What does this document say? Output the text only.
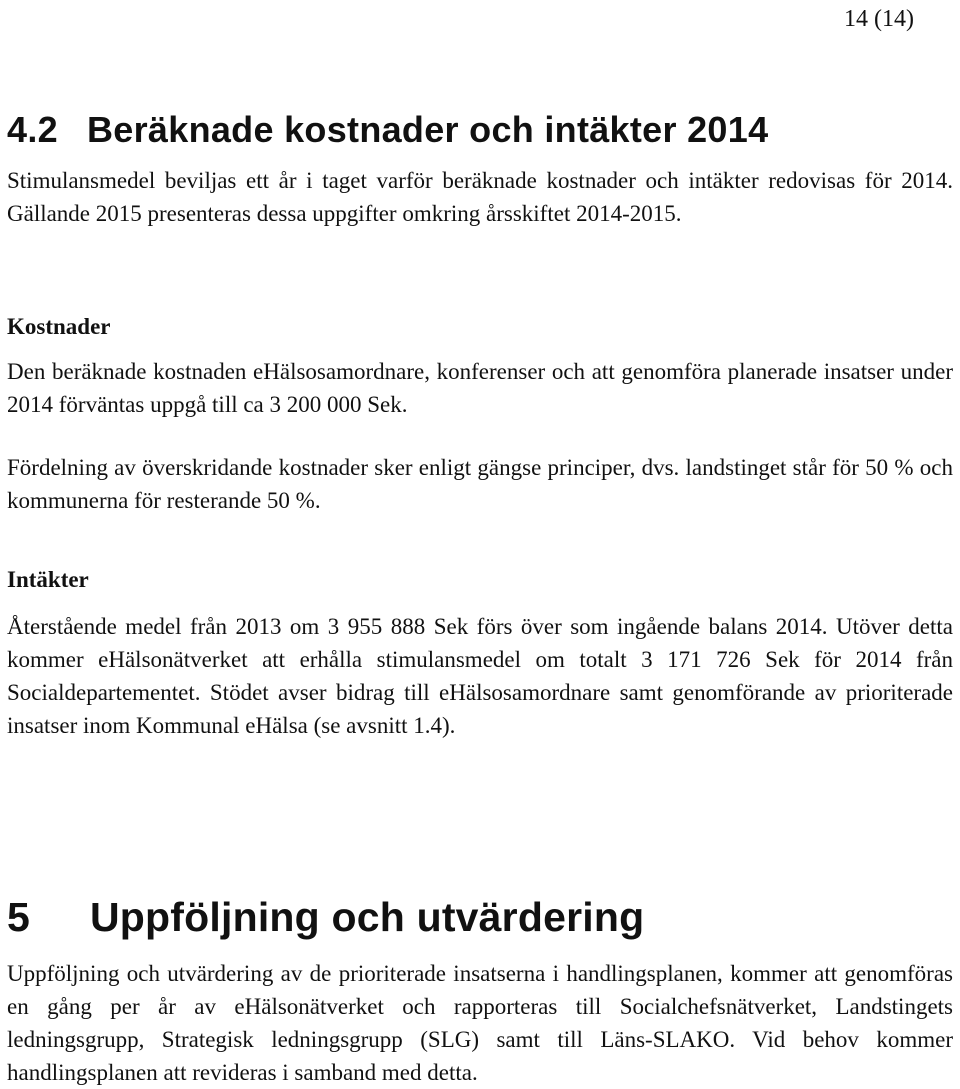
14 (14)

4.2 Beräknade kostnader och intäkter 2014

Stimulansmedel beviljas ett år i taget varför beräknade kostnader och intäkter redovisas för 2014. Gällande 2015 presenteras dessa uppgifter omkring årsskiftet 2014-2015.

Kostnader

Den beräknade kostnaden eHälsosamordnare, konferenser och att genomföra planerade insatser under 2014 förväntas uppgå till ca 3 200 000 Sek.

Fördelning av överskridande kostnader sker enligt gängse principer, dvs. landstinget står för 50 % och kommunerna för resterande 50 %.

Intäkter

Återstående medel från 2013 om 3 955 888 Sek förs över som ingående balans 2014. Utöver detta kommer eHälsonätverket att erhålla stimulansmedel om totalt 3 171 726 Sek för 2014 från Socialdepartementet. Stödet avser bidrag till eHälsosamordnare samt genomförande av prioriterade insatser inom Kommunal eHälsa (se avsnitt 1.4).

5 Uppföljning och utvärdering

Uppföljning och utvärdering av de prioriterade insatserna i handlingsplanen, kommer att genomföras en gång per år av eHälsonätverket och rapporteras till Socialchefsnätverket, Landstingets ledningsgrupp, Strategisk ledningsgrupp (SLG) samt till Läns-SLAKO. Vid behov kommer handlingsplanen att revideras i samband med detta.
